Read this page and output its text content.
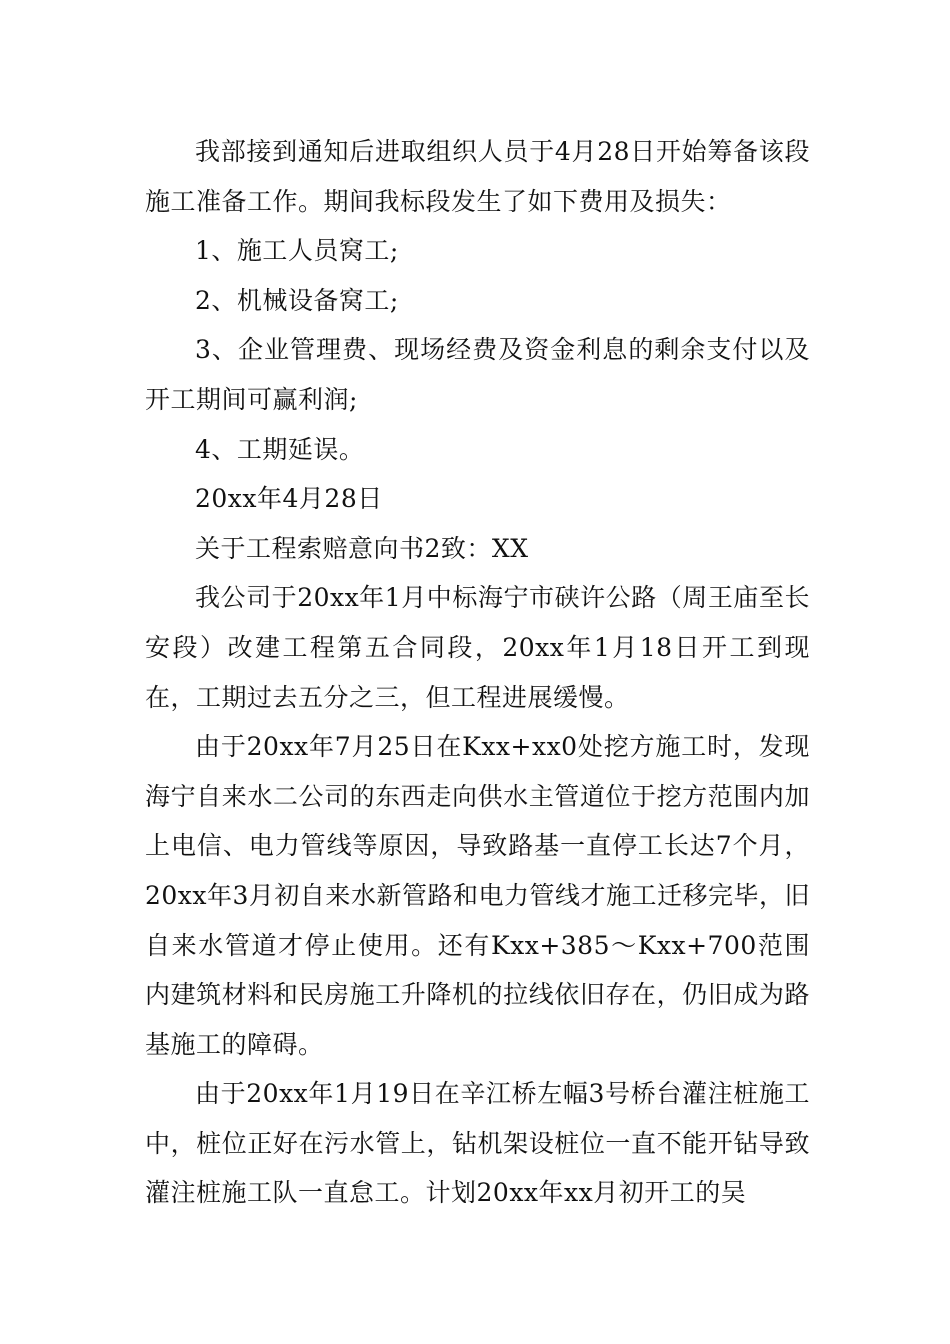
我部接到通知后进取组织人员于4月28日开始筹备该段施工准备工作。期间我标段发生了如下费用及损失：

1、施工人员窝工;

2、机械设备窝工;

3、企业管理费、现场经费及资金利息的剩余支付以及开工期间可赢利润;

4、工期延误。

20xx年4月28日

关于工程索赔意向书2致：XX

我公司于20xx年1月中标海宁市硖许公路（周王庙至长安段）改建工程第五合同段，20xx年1月18日开工到现在，工期过去五分之三，但工程进展缓慢。

由于20xx年7月25日在Kxx+xx0处挖方施工时，发现海宁自来水二公司的东西走向供水主管道位于挖方范围内加上电信、电力管线等原因，导致路基一直停工长达7个月，20xx年3月初自来水新管路和电力管线才施工迁移完毕，旧自来水管道才停止使用。还有Kxx+385～Kxx+700范围内建筑材料和民房施工升降机的拉线依旧存在，仍旧成为路基施工的障碍。

由于20xx年1月19日在辛江桥左幅3号桥台灌注桩施工中，桩位正好在污水管上，钻机架设桩位一直不能开钻导致灌注桩施工队一直怠工。计划20xx年xx月初开工的吴
